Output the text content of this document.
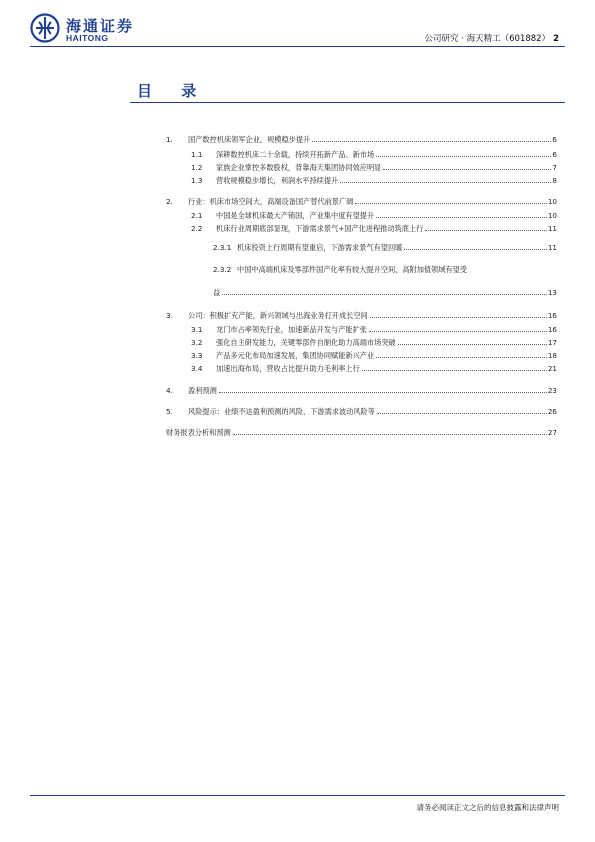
海通证券
HAITONG	公司研究 · 海天精工（601882） 2
目 录
1.	国产数控机床领军企业，规模稳步提升	6
1.1	深耕数控机床二十余载，持续开拓新产品、新市场	6
1.2	家族企业掌控多数股权，背靠海天集团协同效应明显	7
1.3	营收规模稳步增长，利润水平持续提升	8
2.	行业：机床市场空间大，高端设备国产替代前景广阔	10
2.1	中国是全球机床最大产销国，产业集中度有望提升	10
2.2	机床行业周期底部显现，下游需求景气+国产化进程推动筑底上行	11
2.3.1 机床投资上行周期有望重启，下游需求景气有望回暖	11
2.3.2 中国中高端机床及零部件国产化率有较大提升空间，高附加值领域有望受
益	13
3.	公司：积极扩充产能，新兴领域与出海业务打开成长空间	16
3.1	龙门市占率领先行业，加速新品开发与产能扩张	16
3.2	强化自主研发能力，关键零部件自制化助力高端市场突破	17
3.3	产品多元化布局加速发展，集团协同赋能新兴产业	18
3.4	加速出海布局，营收占比提升助力毛利率上行	21
4.	盈利预测	23
5.	风险提示：业绩不达盈利预测的风险、下游需求波动风险等	26
财务报表分析和预测	27
请务必阅读正文之后的信息披露和法律声明
